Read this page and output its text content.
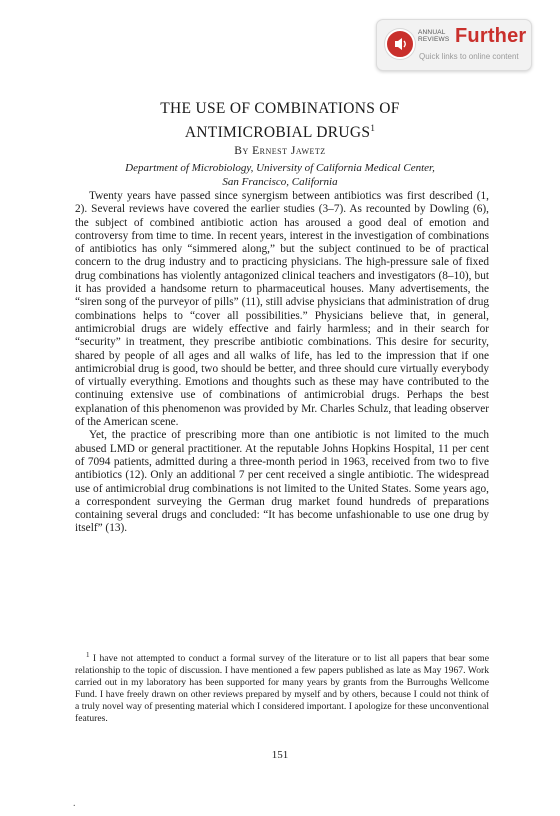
ANNUAL
REVIEWS Further
Quick links to online content
THE USE OF COMBINATIONS OF
ANTIMICROBIAL DRUGS$^1$
By Ernest Jawetz
Department of Microbiology, University of California Medical Center,
San Francisco, California

Twenty years have passed since synergism between antibiotics was first described (1, 2). Several reviews have covered the earlier studies (3–7). As recounted by Dowling (6), the subject of combined antibiotic action has aroused a good deal of emotion and controversy from time to time. In recent years, interest in the investigation of combinations of antibiotics has only “simmered along,” but the subject continued to be of practical concern to the drug industry and to practicing physicians. The high-pressure sale of fixed drug combinations has violently antagonized clinical teachers and investigators (8–10), but it has provided a handsome return to pharmaceutical houses. Many advertisements, the “siren song of the purveyor of pills” (11), still advise physicians that administration of drug combinations helps to “cover all possibilities.” Physicians believe that, in general, antimicrobial drugs are widely effective and fairly harmless; and in their search for “security” in treatment, they prescribe antibiotic combinations. This desire for security, shared by people of all ages and all walks of life, has led to the impression that if one antimicrobial drug is good, two should be better, and three should cure virtually everybody of virtually everything. Emotions and thoughts such as these may have contributed to the continuing extensive use of combinations of antimicrobial drugs. Perhaps the best explanation of this phenomenon was provided by Mr. Charles Schulz, that leading observer of the American scene.

Yet, the practice of prescribing more than one antibiotic is not limited to the much abused LMD or general practitioner. At the reputable Johns Hopkins Hospital, 11 per cent of 7094 patients, admitted during a three-month period in 1963, received from two to five antibiotics (12). Only an additional 7 per cent received a single antibiotic. The widespread use of antimicrobial drug combinations is not limited to the United States. Some years ago, a correspondent surveying the German drug market found hundreds of preparations containing several drugs and concluded: “It has become unfashionable to use one drug by itself” (13).

$^1$ I have not attempted to conduct a formal survey of the literature or to list all papers that bear some relationship to the topic of discussion. I have mentioned a few papers published as late as May 1967. Work carried out in my laboratory has been supported for many years by grants from the Burroughs Wellcome Fund. I have freely drawn on other reviews prepared by myself and by others, because I could not think of a truly novel way of presenting material which I considered important. I apologize for these unconventional features.

151
.
